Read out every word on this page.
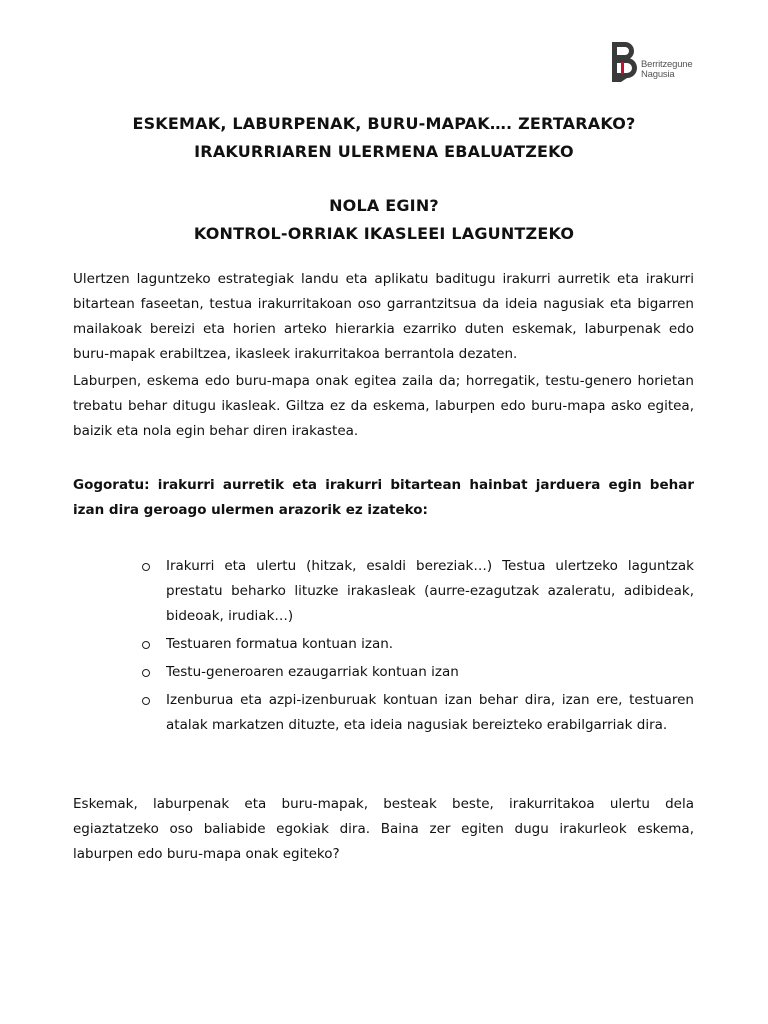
Berritzegune
Nagusia
ESKEMAK, LABURPENAK, BURU-MAPAK…. ZERTARAKO?
IRAKURRIAREN ULERMENA EBALUATZEKO
NOLA EGIN?
KONTROL-ORRIAK IKASLEEI LAGUNTZEKO

Ulertzen laguntzeko estrategiak landu eta aplikatu badit​ugu irakurri aurretik eta irakurri bitartean faseetan, testua irakurritakoan oso garrantzitsua da ideia nagusiak eta bigarren mailakoak bereizi eta horien arteko hierarkia ezarriko duten eskemak, laburpenak edo buru-mapak erabiltzea, ikasleek irakurritakoa berrantola dezaten.

Laburpen, eskema edo buru-mapa onak egitea zaila da; horregatik, testu-genero horietan trebatu behar ditugu ikasleak. Giltza ez da eskema, laburpen edo buru-mapa asko egitea, baizik eta nola egin behar diren irakastea.

Gogoratu: irakurri aurretik eta irakurri bitartean hainbat jarduera egin behar izan dira geroago ulermen arazorik ez izateko:

Irakurri eta ulertu (hitzak, esaldi bereziak…) Testua ulertzeko laguntzak prestatu beharko lituzke irakasleak (aurre-ezagutzak azaleratu, adibideak, bideoak, irudiak…)
Testuaren formatua kontuan izan.
Testu-generoaren ezaugarriak kontuan izan
Izenburua eta azpi-izenburuak kontuan izan behar dira, izan ere, testuaren atalak markatzen dituzte, eta ideia nagusiak bereizteko erabilgarriak dira.

Eskemak, laburpenak eta buru-mapak, besteak beste, irakurritakoa ulertu dela egiaztatzeko oso baliabide egokiak dira. Baina zer egiten dugu irakurleok eskema, laburpen edo buru-mapa onak egiteko?
